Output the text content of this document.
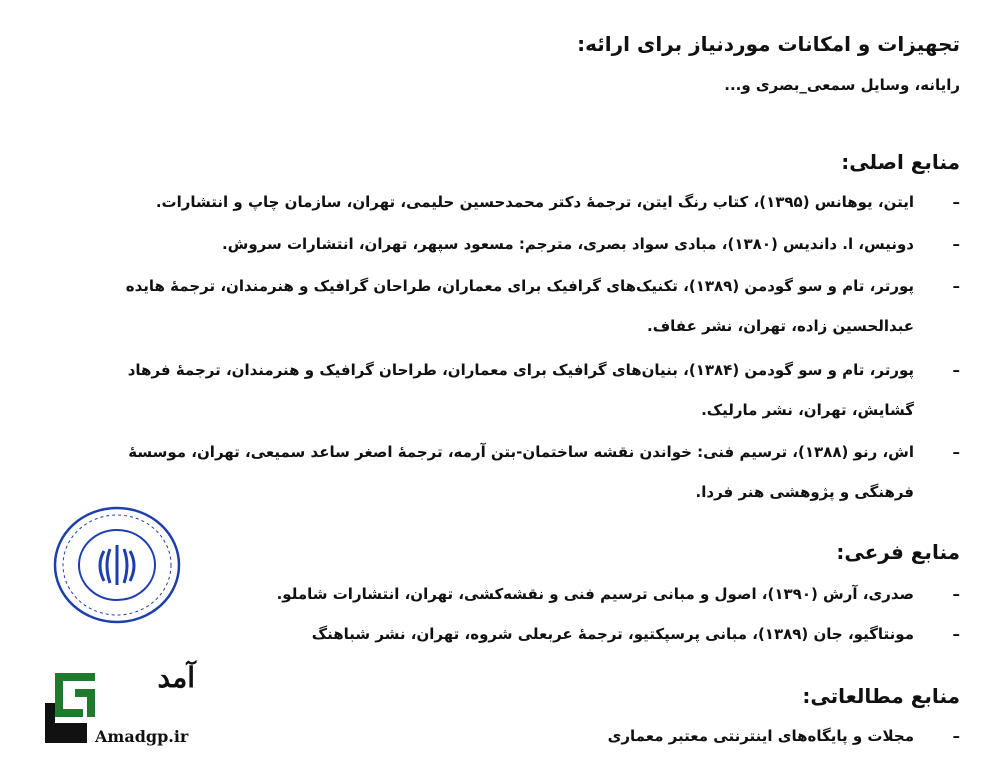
تجهیزات و امکانات موردنیاز برای ارائه:
رایانه، وسایل سمعی_بصری و...
منابع اصلی:
–ایتن، یوهانس (۱۳۹۵)، کتاب رنگ ایتن، ترجمهٔ دکتر محمدحسین حلیمی، تهران، سازمان چاپ و انتشارات.
–دونیس، ا. داندیس (۱۳۸۰)، مبادی سواد بصری، مترجم: مسعود سپهر، تهران، انتشارات سروش.
–
پورتر، تام و سو گودمن (۱۳۸۹)، تکنیک‌های گرافیک برای معماران، طراحان گرافیک و هنرمندان، ترجمهٔ هایده عبدالحسین زاده، تهران، نشر عفاف.
–
پورتر، تام و سو گودمن (۱۳۸۴)، بنیان‌های گرافیک برای معماران، طراحان گرافیک و هنرمندان، ترجمهٔ فرهاد گشایش، تهران، نشر مارلیک.
–
اش، رنو (۱۳۸۸)، ترسیم فنی: خواندن نقشه ساختمان-بتن آرمه، ترجمهٔ اصغر ساعد سمیعی، تهران، موسسهٔ فرهنگی و پژوهشی هنر فردا.
منابع فرعی:
–صدری، آرش (۱۳۹۰)، اصول و مبانی ترسیم فنی و نقشه‌کشی، تهران، انتشارات شاملو.
–مونتاگیو، جان (۱۳۸۹)، مبانی پرسپکتیو، ترجمهٔ عربعلی شروه، تهران، نشر شباهنگ
منابع مطالعاتی:
–مجلات و پایگاه‌های اینترنتی معتبر معماری
آمد
Amadgp.ir
